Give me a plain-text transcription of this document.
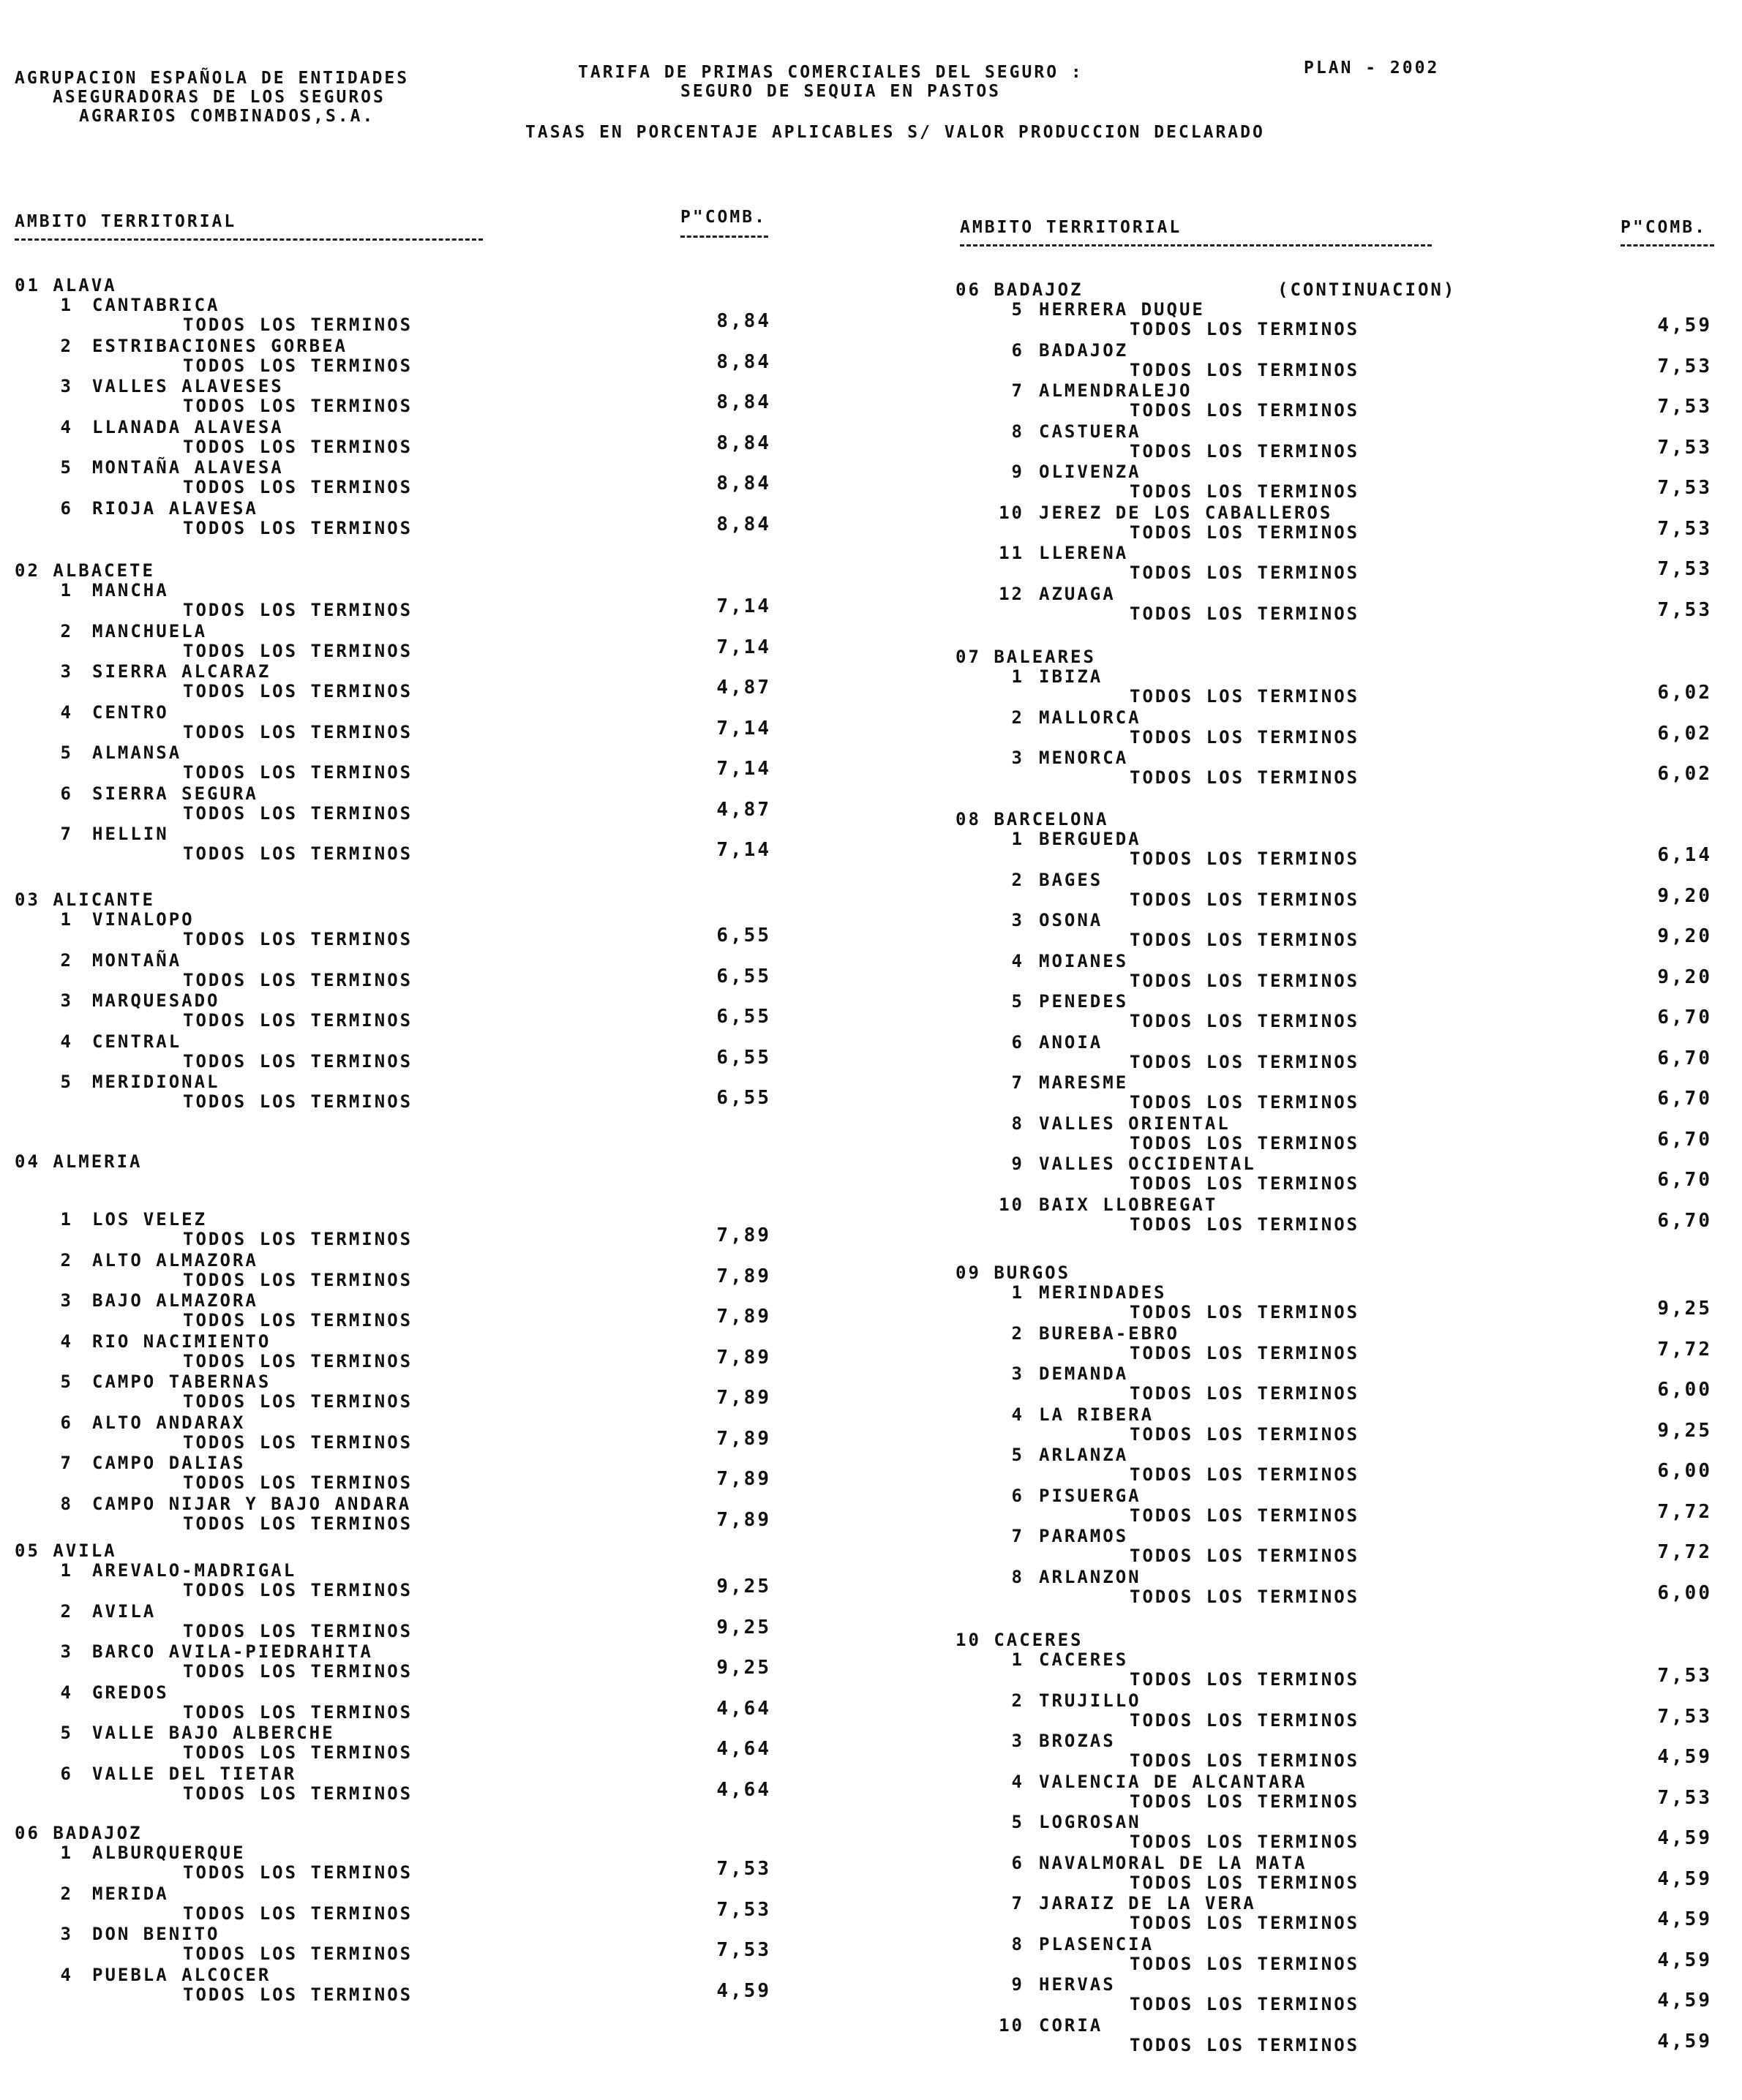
AGRUPACION ESPAÑOLA DE ENTIDADES
ASEGURADORAS DE LOS SEGUROS
AGRARIOS COMBINADOS,S.A.
TARIFA DE PRIMAS COMERCIALES DEL SEGURO :
SEGURO DE SEQUIA EN PASTOS
PLAN - 2002
TASAS EN PORCENTAJE APLICABLES S/ VALOR PRODUCCION DECLARADO
AMBITO TERRITORIAL	P"COMB.
AMBITO TERRITORIAL	P"COMB.
01 ALAVA
1 CANTABRICA
TODOS LOS TERMINOS	8,84
2 ESTRIBACIONES GORBEA
TODOS LOS TERMINOS	8,84
3 VALLES ALAVESES
TODOS LOS TERMINOS	8,84
4 LLANADA ALAVESA
TODOS LOS TERMINOS	8,84
5 MONTAÑA ALAVESA
TODOS LOS TERMINOS	8,84
6 RIOJA ALAVESA
TODOS LOS TERMINOS	8,84
02 ALBACETE
1 MANCHA
TODOS LOS TERMINOS	7,14
2 MANCHUELA
TODOS LOS TERMINOS	7,14
3 SIERRA ALCARAZ
TODOS LOS TERMINOS	4,87
4 CENTRO
TODOS LOS TERMINOS	7,14
5 ALMANSA
TODOS LOS TERMINOS	7,14
6 SIERRA SEGURA
TODOS LOS TERMINOS	4,87
7 HELLIN
TODOS LOS TERMINOS	7,14
03 ALICANTE
1 VINALOPO
TODOS LOS TERMINOS	6,55
2 MONTAÑA
TODOS LOS TERMINOS	6,55
3 MARQUESADO
TODOS LOS TERMINOS	6,55
4 CENTRAL
TODOS LOS TERMINOS	6,55
5 MERIDIONAL
TODOS LOS TERMINOS	6,55
04 ALMERIA
1 LOS VELEZ
TODOS LOS TERMINOS	7,89
2 ALTO ALMAZORA
TODOS LOS TERMINOS	7,89
3 BAJO ALMAZORA
TODOS LOS TERMINOS	7,89
4 RIO NACIMIENTO
TODOS LOS TERMINOS	7,89
5 CAMPO TABERNAS
TODOS LOS TERMINOS	7,89
6 ALTO ANDARAX
TODOS LOS TERMINOS	7,89
7 CAMPO DALIAS
TODOS LOS TERMINOS	7,89
8 CAMPO NIJAR Y BAJO ANDARA
TODOS LOS TERMINOS	7,89
05 AVILA
1 AREVALO-MADRIGAL
TODOS LOS TERMINOS	9,25
2 AVILA
TODOS LOS TERMINOS	9,25
3 BARCO AVILA-PIEDRAHITA
TODOS LOS TERMINOS	9,25
4 GREDOS
TODOS LOS TERMINOS	4,64
5 VALLE BAJO ALBERCHE
TODOS LOS TERMINOS	4,64
6 VALLE DEL TIETAR
TODOS LOS TERMINOS	4,64
06 BADAJOZ
1 ALBURQUERQUE
TODOS LOS TERMINOS	7,53
2 MERIDA
TODOS LOS TERMINOS	7,53
3 DON BENITO
TODOS LOS TERMINOS	7,53
4 PUEBLA ALCOCER
TODOS LOS TERMINOS	4,59
06 BADAJOZ	(CONTINUACION)
5 HERRERA DUQUE
TODOS LOS TERMINOS	4,59
6 BADAJOZ
TODOS LOS TERMINOS	7,53
7 ALMENDRALEJO
TODOS LOS TERMINOS	7,53
8 CASTUERA
TODOS LOS TERMINOS	7,53
9 OLIVENZA
TODOS LOS TERMINOS	7,53
10 JEREZ DE LOS CABALLEROS
TODOS LOS TERMINOS	7,53
11 LLERENA
TODOS LOS TERMINOS	7,53
12 AZUAGA
TODOS LOS TERMINOS	7,53
07 BALEARES
1 IBIZA
TODOS LOS TERMINOS	6,02
2 MALLORCA
TODOS LOS TERMINOS	6,02
3 MENORCA
TODOS LOS TERMINOS	6,02
08 BARCELONA
1 BERGUEDA
TODOS LOS TERMINOS	6,14
2 BAGES
TODOS LOS TERMINOS	9,20
3 OSONA
TODOS LOS TERMINOS	9,20
4 MOIANES
TODOS LOS TERMINOS	9,20
5 PENEDES
TODOS LOS TERMINOS	6,70
6 ANOIA
TODOS LOS TERMINOS	6,70
7 MARESME
TODOS LOS TERMINOS	6,70
8 VALLES ORIENTAL
TODOS LOS TERMINOS	6,70
9 VALLES OCCIDENTAL
TODOS LOS TERMINOS	6,70
10 BAIX LLOBREGAT
TODOS LOS TERMINOS	6,70
09 BURGOS
1 MERINDADES
TODOS LOS TERMINOS	9,25
2 BUREBA-EBRO
TODOS LOS TERMINOS	7,72
3 DEMANDA
TODOS LOS TERMINOS	6,00
4 LA RIBERA
TODOS LOS TERMINOS	9,25
5 ARLANZA
TODOS LOS TERMINOS	6,00
6 PISUERGA
TODOS LOS TERMINOS	7,72
7 PARAMOS
TODOS LOS TERMINOS	7,72
8 ARLANZON
TODOS LOS TERMINOS	6,00
10 CACERES
1 CACERES
TODOS LOS TERMINOS	7,53
2 TRUJILLO
TODOS LOS TERMINOS	7,53
3 BROZAS
TODOS LOS TERMINOS	4,59
4 VALENCIA DE ALCANTARA
TODOS LOS TERMINOS	7,53
5 LOGROSAN
TODOS LOS TERMINOS	4,59
6 NAVALMORAL DE LA MATA
TODOS LOS TERMINOS	4,59
7 JARAIZ DE LA VERA
TODOS LOS TERMINOS	4,59
8 PLASENCIA
TODOS LOS TERMINOS	4,59
9 HERVAS
TODOS LOS TERMINOS	4,59
10 CORIA
TODOS LOS TERMINOS	4,59
